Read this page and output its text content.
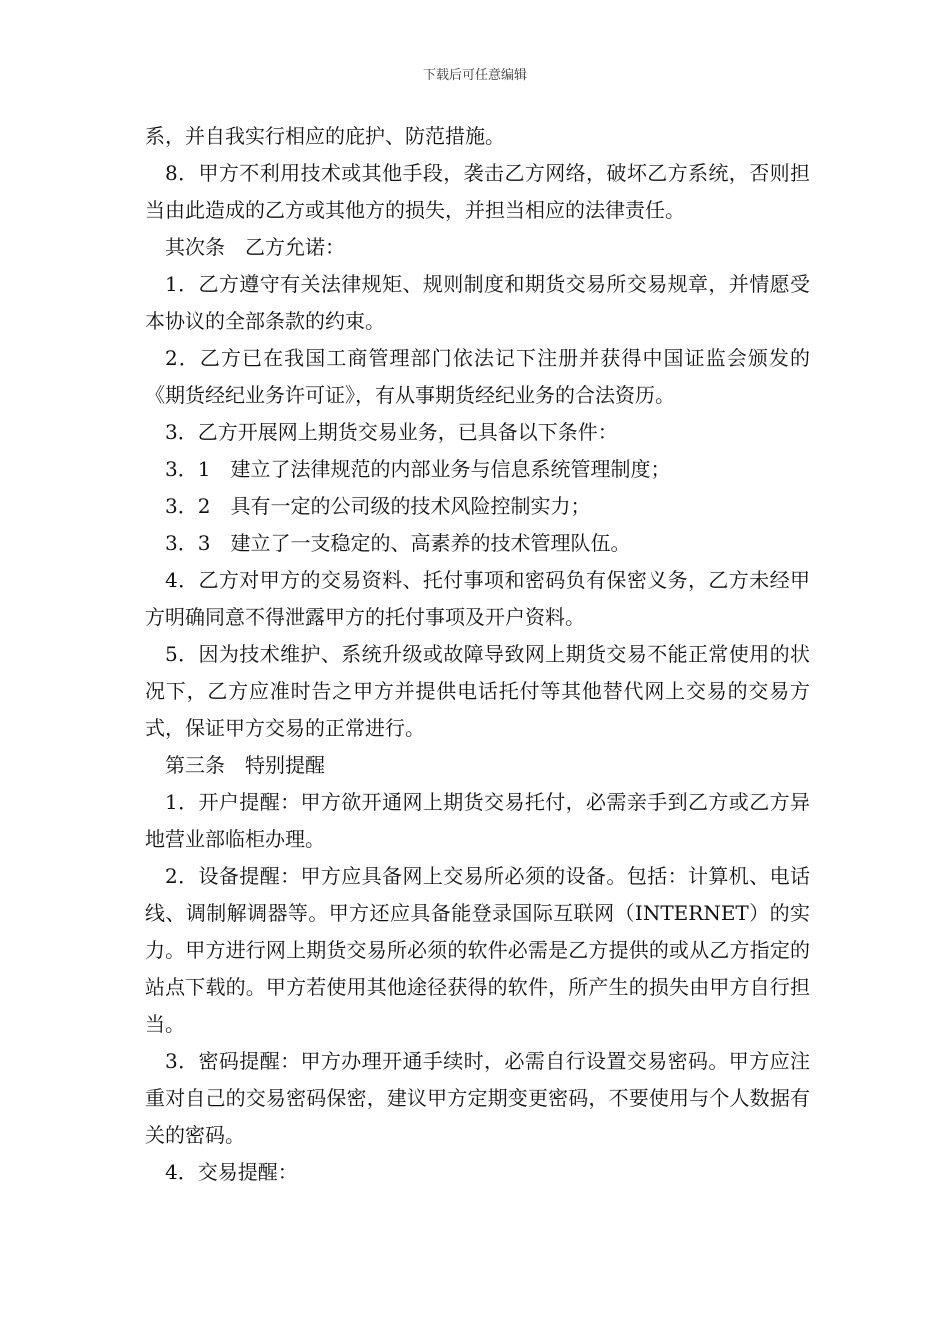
下载后可任意编辑

系，并自我实行相应的庇护、防范措施。

8．甲方不利用技术或其他手段，袭击乙方网络，破坏乙方系统，否则担当由此造成的乙方或其他方的损失，并担当相应的法律责任。

其次条　乙方允诺：

1．乙方遵守有关法律规矩、规则制度和期货交易所交易规章，并情愿受本协议的全部条款的约束。

2．乙方已在我国工商管理部门依法记下注册并获得中国证监会颁发的《期货经纪业务许可证》，有从事期货经纪业务的合法资历。

3．乙方开展网上期货交易业务，已具备以下条件：

3．1　建立了法律规范的内部业务与信息系统管理制度；

3．2　具有一定的公司级的技术风险控制实力；

3．3　建立了一支稳定的、高素养的技术管理队伍。

4．乙方对甲方的交易资料、托付事项和密码负有保密义务，乙方未经甲方明确同意不得泄露甲方的托付事项及开户资料。

5．因为技术维护、系统升级或故障导致网上期货交易不能正常使用的状况下，乙方应准时告之甲方并提供电话托付等其他替代网上交易的交易方式，保证甲方交易的正常进行。

第三条　特别提醒

1．开户提醒：甲方欲开通网上期货交易托付，必需亲手到乙方或乙方异地营业部临柜办理。

2．设备提醒：甲方应具备网上交易所必须的设备。包括：计算机、电话线、调制解调器等。甲方还应具备能登录国际互联网（INTERNET）的实力。甲方进行网上期货交易所必须的软件必需是乙方提供的或从乙方指定的站点下载的。甲方若使用其他途径获得的软件，所产生的损失由甲方自行担当。

3．密码提醒：甲方办理开通手续时，必需自行设置交易密码。甲方应注重对自己的交易密码保密，建议甲方定期变更密码，不要使用与个人数据有关的密码。

4．交易提醒：
